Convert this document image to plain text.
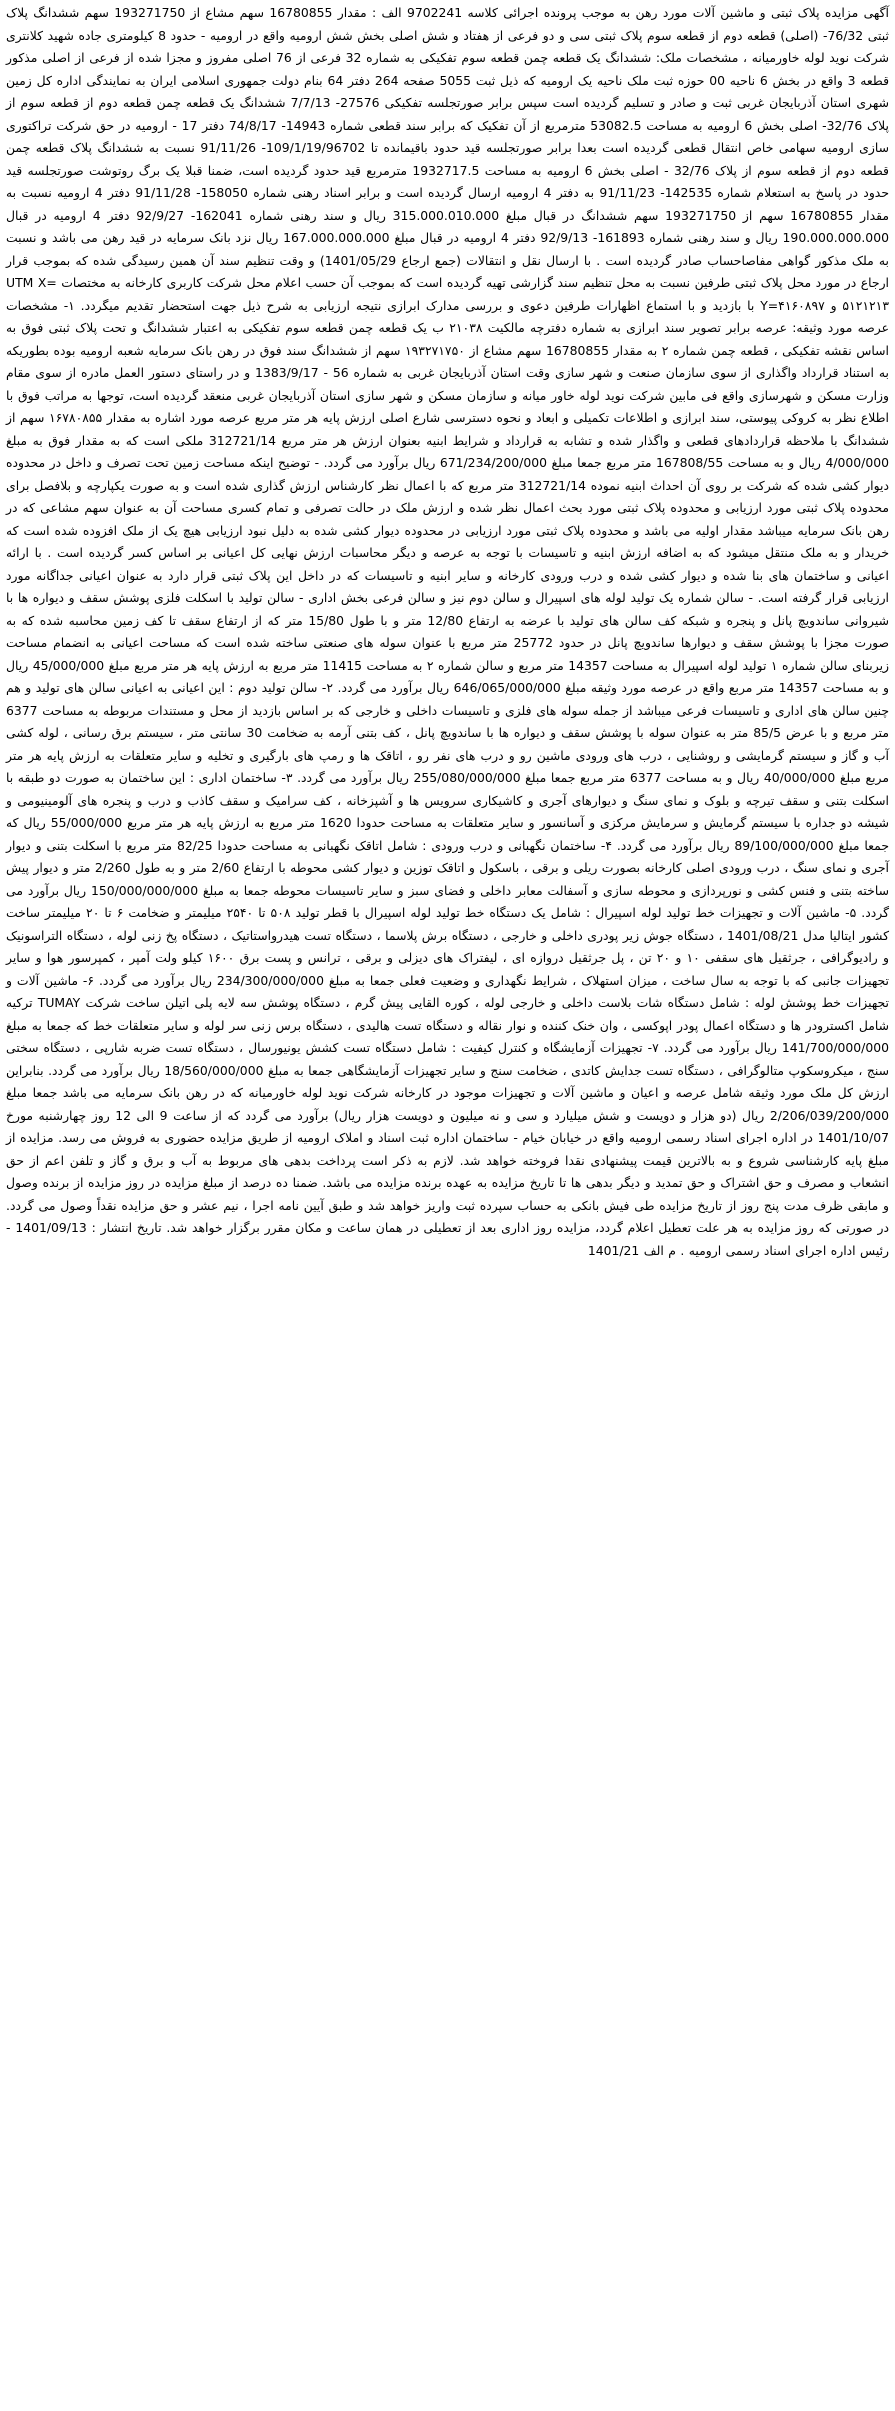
آگهی مزایده پلاک ثبتی و ماشین آلات مورد رهن به موجب پرونده اجرائی کلاسه 9702241 الف : مقدار 16780855 سهم مشاع از 193271750 سهم ششدانگ پلاک ثبتی 76/32- (اصلی) قطعه دوم از قطعه سوم پلاک ثبتی سی و دو فرعی از هفتاد و شش اصلی بخش شش ارومیه واقع در ارومیه - حدود 8 کیلومتری جاده شهید کلانتری شرکت نوید لوله خاورمیانه ، مشخصات ملک: ششدانگ یک قطعه چمن قطعه سوم تفکیکی به شماره 32 فرعی از 76 اصلی مفروز و مجزا شده از فرعی از اصلی مذکور قطعه 3 واقع در بخش 6 ناحیه 00 حوزه ثبت ملک ناحیه یک ارومیه که ذیل ثبت 5055 صفحه 264 دفتر 64 بنام دولت جمهوری اسلامی ایران به نمایندگی اداره کل زمین شهری استان آذربایجان غربی ثبت و صادر و تسلیم گردیده است سپس برابر صورتجلسه تفکیکی 27576- 7/7/13 ششدانگ یک قطعه چمن قطعه دوم از قطعه سوم از پلاک 32/76- اصلی بخش 6 ارومیه به مساحت 53082.5 مترمربع از آن تفکیک که برابر سند قطعی شماره 14943- 74/8/17 دفتر 17 - ارومیه در حق شرکت تراکتوری سازی ارومیه سهامی خاص انتقال قطعی گردیده است بعدا برابر صورتجلسه قید حدود باقیمانده تا 109/1/19/96702- 91/11/26 نسبت به ششدانگ پلاک قطعه چمن قطعه دوم از قطعه سوم از پلاک 32/76 - اصلی بخش 6 ارومیه به مساحت 1932717.5 مترمربع قید حدود گردیده است، ضمنا قبلا یک برگ روتوشت صورتجلسه قید حدود در پاسخ به استعلام شماره 142535- 91/11/23 به دفتر 4 ارومیه ارسال گردیده است و برابر اسناد رهنی شماره 158050- 91/11/28 دفتر 4 ارومیه نسبت به مقدار 16780855 سهم از 193271750 سهم ششدانگ در قبال مبلغ 315.000.010.000 ریال و سند رهنی شماره 162041- 92/9/27 دفتر 4 ارومیه در قبال 190.000.000.000 ریال و سند رهنی شماره 161893- 92/9/13 دفتر 4 ارومیه در قبال مبلغ 167.000.000.000 ریال نزد بانک سرمایه در قید رهن می باشد و نسبت به ملک مذکور گواهی مفاصاحساب صادر گردیده است . با ارسال نقل و انتقالات (جمع ارجاع 1401/05/29) و وقت تنظیم سند آن همین رسیدگی شده که بموجب قرار ارجاع در مورد محل پلاک ثبتی طرفین نسبت به محل تنظیم سند گزارشی تهیه گردیده است که بموجب آن حسب اعلام محل شرکت کاربری کارخانه به مختصات UTM X= ۵۱۲۱۲۱۳ و ۴۱۶۰۸۹۷=Y با بازدید و با استماع اظهارات طرفین دعوی و بررسی مدارک ابرازی نتیجه ارزیابی به شرح ذیل جهت استحضار تقدیم میگردد. ۱- مشخصات عرصه مورد وثیقه: عرصه برابر تصویر سند ابرازی به شماره دفترچه مالکیت ۲۱۰۳۸ ب یک قطعه چمن قطعه سوم تفکیکی به اعتبار ششدانگ و تحت پلاک ثبتی فوق به اساس نقشه تفکیکی ، قطعه چمن شماره ۲ به مقدار 16780855 سهم مشاع از ۱۹۳۲۷۱۷۵۰ سهم از ششدانگ سند فوق در رهن بانک سرمایه شعبه ارومیه بوده بطوریکه به استناد قرارداد واگذاری از سوی سازمان صنعت و شهر سازی وقت استان آذربایجان غربی به شماره 56 - 1383/9/17 و در راستای دستور العمل مادره از سوی مقام وزارت مسکن و شهرسازی واقع فی مابین شرکت نوید لوله خاور میانه و سازمان مسکن و شهر سازی استان آذربایجان غربی منعقد گردیده است، توجها به مراتب فوق با اطلاع نظر به کروکی پیوستی، سند ابرازی و اطلاعات تکمیلی و ابعاد و نحوه دسترسی شارع اصلی ارزش پایه هر متر مربع عرصه مورد اشاره به مقدار ۱۶۷۸۰۸۵۵ سهم از ششدانگ با ملاحظه قراردادهای قطعی و واگذار شده و تشابه به قرارداد و شرایط ابنیه بعنوان ارزش هر متر مربع 312721/14 ملکی است که به مقدار فوق به مبلغ 4/000/000 ریال و به مساحت 167808/55 متر مربع جمعا مبلغ 671/234/200/000 ریال برآورد می گردد. - توضیح اینکه مساحت زمین تحت تصرف و داخل در محدوده دیوار کشی شده که شرکت بر روی آن احداث ابنیه نموده 312721/14 متر مربع که با اعمال نظر کارشناس ارزش گذاری شده است و به صورت یکپارچه و بلافصل برای محدوده پلاک ثبتی مورد ارزیابی و محدوده پلاک ثبتی مورد بحث اعمال نظر شده و ارزش ملک در حالت تصرفی و تمام کسری مساحت آن به عنوان سهم مشاعی که در رهن بانک سرمایه میباشد مقدار اولیه می باشد و محدوده پلاک ثبتی مورد ارزیابی در محدوده دیوار کشی شده به دلیل نبود ارزیابی هیچ یک از ملک افزوده شده است که خریدار و به ملک منتقل میشود که به اضافه ارزش ابنیه و تاسیسات با توجه به عرصه و دیگر محاسبات ارزش نهایی کل اعیانی بر اساس کسر گردیده است . با ارائه اعیانی و ساختمان های بنا شده و دیوار کشی شده و درب ورودی کارخانه و سایر ابنیه و تاسیسات که در داخل این پلاک ثبتی قرار دارد به عنوان اعیانی جداگانه مورد ارزیابی قرار گرفته است. - سالن شماره یک تولید لوله های اسپیرال و سالن دوم نیز و سالن فرعی بخش اداری - سالن تولید با اسکلت فلزی پوشش سقف و دیواره ها با شیروانی ساندویچ پانل و پنجره و شبکه کف سالن های تولید با عرضه به ارتفاع 12/80 متر و با طول 15/80 متر که از ارتفاع سقف تا کف زمین محاسبه شده که به صورت مجزا با پوشش سقف و دیوارها ساندویچ پانل در حدود 25772 متر مربع با عنوان سوله های صنعتی ساخته شده است که مساحت اعیانی به انضمام مساحت زیربنای سالن شماره ۱ تولید لوله اسپیرال به مساحت 14357 متر مربع و سالن شماره ۲ به مساحت 11415 متر مربع به ارزش پایه هر متر مربع مبلغ 45/000/000 ریال و به مساحت 14357 متر مربع واقع در عرصه مورد وثیقه مبلغ 646/065/000/000 ریال برآورد می گردد. ۲- سالن تولید دوم : این اعیانی به اعیانی سالن های تولید و هم چنین سالن های اداری و تاسیسات فرعی میباشد از جمله سوله های فلزی و تاسیسات داخلی و خارجی که بر اساس بازدید از محل و مستندات مربوطه به مساحت 6377 متر مربع و با عرض 85/5 متر به عنوان سوله با پوشش سقف و دیواره ها با ساندویچ پانل ، کف بتنی آرمه به ضخامت 30 سانتی متر ، سیستم برق رسانی ، لوله کشی آب و گاز و سیستم گرمایشی و روشنایی ، درب های ورودی ماشین رو و درب های نفر رو ، اتاقک ها و رمپ های بارگیری و تخلیه و سایر متعلقات به ارزش پایه هر متر مربع مبلغ 40/000/000 ریال و به مساحت 6377 متر مربع جمعا مبلغ 255/080/000/000 ریال برآورد می گردد. ۳- ساختمان اداری : این ساختمان به صورت دو طبقه با اسکلت بتنی و سقف تیرچه و بلوک و نمای سنگ و دیوارهای آجری و کاشیکاری سرویس ها و آشپزخانه ، کف سرامیک و سقف کاذب و درب و پنجره های آلومینیومی و شیشه دو جداره با سیستم گرمایش و سرمایش مرکزی و آسانسور و سایر متعلقات به مساحت حدودا 1620 متر مربع به ارزش پایه هر متر مربع 55/000/000 ریال که جمعا مبلغ 89/100/000/000 ریال برآورد می گردد. ۴- ساختمان نگهبانی و درب ورودی : شامل اتاقک نگهبانی به مساحت حدودا 82/25 متر مربع با اسکلت بتنی و دیوار آجری و نمای سنگ ، درب ورودی اصلی کارخانه بصورت ریلی و برقی ، باسکول و اتاقک توزین و دیوار کشی محوطه با ارتفاع 2/60 متر و به طول 2/260 متر و دیوار پیش ساخته بتنی و فنس کشی و نورپردازی و محوطه سازی و آسفالت معابر داخلی و فضای سبز و سایر تاسیسات محوطه جمعا به مبلغ 150/000/000/000 ریال برآورد می گردد. ۵- ماشین آلات و تجهیزات خط تولید لوله اسپیرال : شامل یک دستگاه خط تولید لوله اسپیرال با قطر تولید ۵۰۸ تا ۲۵۴۰ میلیمتر و ضخامت ۶ تا ۲۰ میلیمتر ساخت کشور ایتالیا مدل 1401/08/21 ، دستگاه جوش زیر پودری داخلی و خارجی ، دستگاه برش پلاسما ، دستگاه تست هیدرواستاتیک ، دستگاه پخ زنی لوله ، دستگاه التراسونیک و رادیوگرافی ، جرثقیل های سقفی ۱۰ و ۲۰ تن ، پل جرثقیل دروازه ای ، لیفتراک های دیزلی و برقی ، ترانس و پست برق ۱۶۰۰ کیلو ولت آمپر ، کمپرسور هوا و سایر تجهیزات جانبی که با توجه به سال ساخت ، میزان استهلاک ، شرایط نگهداری و وضعیت فعلی جمعا به مبلغ 234/300/000/000 ریال برآورد می گردد. ۶- ماشین آلات و تجهیزات خط پوشش لوله : شامل دستگاه شات بلاست داخلی و خارجی لوله ، کوره القایی پیش گرم ، دستگاه پوشش سه لایه پلی اتیلن ساخت شرکت TUMAY ترکیه شامل اکسترودر ها و دستگاه اعمال پودر اپوکسی ، وان خنک کننده و نوار نقاله و دستگاه تست هالیدی ، دستگاه برس زنی سر لوله و سایر متعلقات خط که جمعا به مبلغ 141/700/000/000 ریال برآورد می گردد. ۷- تجهیزات آزمایشگاه و کنترل کیفیت : شامل دستگاه تست کشش یونیورسال ، دستگاه تست ضربه شارپی ، دستگاه سختی سنج ، میکروسکوپ متالوگرافی ، دستگاه تست جدایش کاتدی ، ضخامت سنج و سایر تجهیزات آزمایشگاهی جمعا به مبلغ 18/560/000/000 ریال برآورد می گردد. بنابراین ارزش کل ملک مورد وثیقه شامل عرصه و اعیان و ماشین آلات و تجهیزات موجود در کارخانه شرکت نوید لوله خاورمیانه که در رهن بانک سرمایه می باشد جمعا مبلغ 2/206/039/200/000 ریال (دو هزار و دویست و شش میلیارد و سی و نه میلیون و دویست هزار ریال) برآورد می گردد که از ساعت 9 الی 12 روز چهارشنبه مورخ 1401/10/07 در اداره اجرای اسناد رسمی ارومیه واقع در خیابان خیام - ساختمان اداره ثبت اسناد و املاک ارومیه از طریق مزایده حضوری به فروش می رسد. مزایده از مبلغ پایه کارشناسی شروع و به بالاترین قیمت پیشنهادی نقدا فروخته خواهد شد. لازم به ذکر است پرداخت بدهی های مربوط به آب و برق و گاز و تلفن اعم از حق انشعاب و مصرف و حق اشتراک و حق تمدید و دیگر بدهی ها تا تاریخ مزایده به عهده برنده مزایده می باشد. ضمنا ده درصد از مبلغ مزایده در روز مزایده از برنده وصول و مابقی ظرف مدت پنج روز از تاریخ مزایده طی فیش بانکی به حساب سپرده ثبت واریز خواهد شد و طبق آیین نامه اجرا ، نیم عشر و حق مزایده نقداً وصول می گردد. در صورتی که روز مزایده به هر علت تعطیل اعلام گردد، مزایده روز اداری بعد از تعطیلی در همان ساعت و مکان مقرر برگزار خواهد شد. تاریخ انتشار : 1401/09/13 - رئیس اداره اجرای اسناد رسمی ارومیه . م الف 1401/21
